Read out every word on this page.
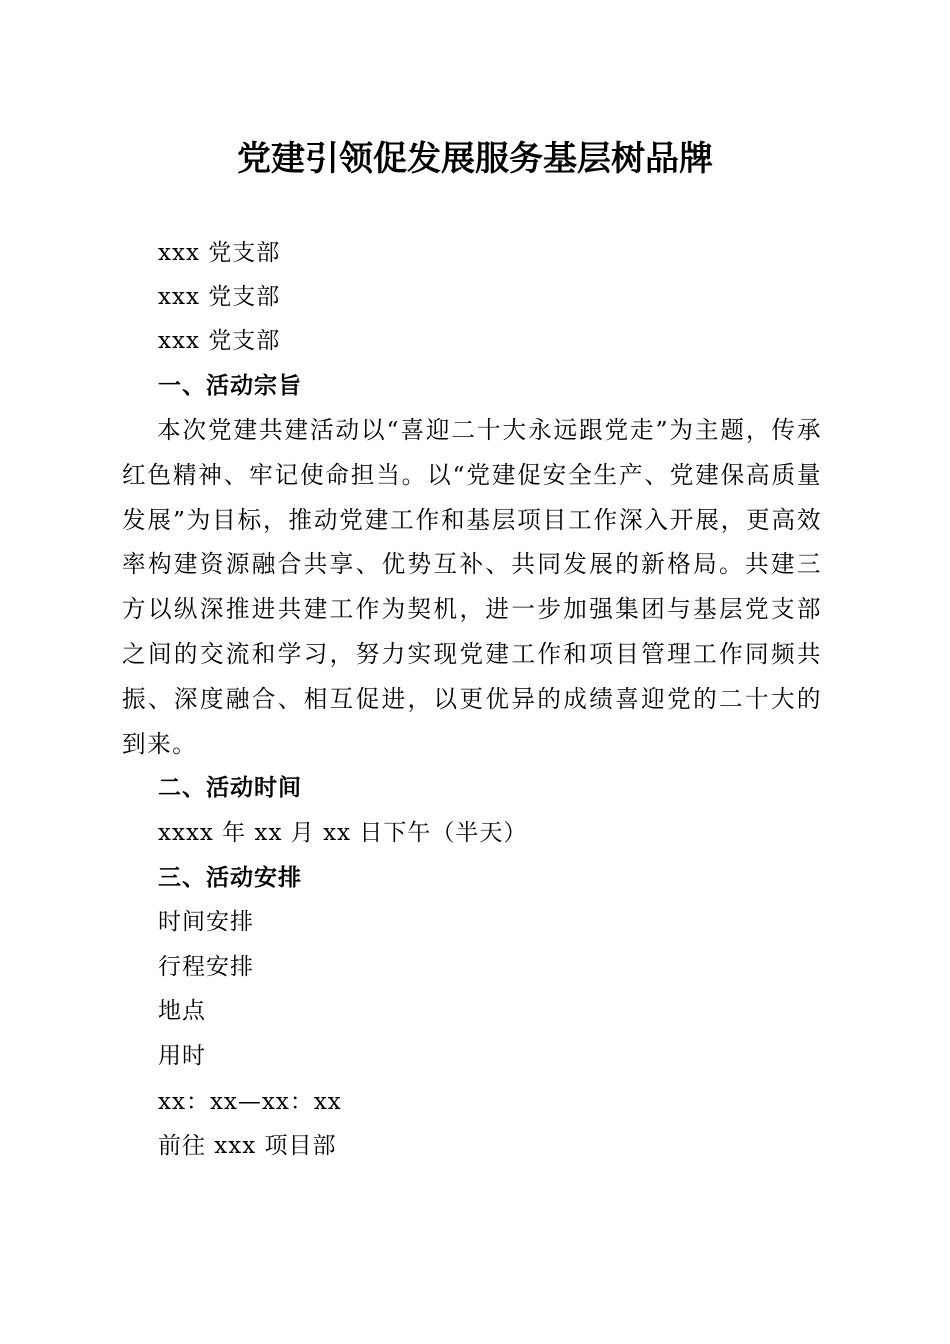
党建引领促发展服务基层树品牌
xxx 党支部
xxx 党支部
xxx 党支部
一、活动宗旨
本次党建共建活动以“喜迎二十大永远跟党走”为主题，传承红色精神、牢记使命担当。以“党建促安全生产、党建保高质量发展”为目标，推动党建工作和基层项目工作深入开展，更高效率构建资源融合共享、优势互补、共同发展的新格局。共建三方以纵深推进共建工作为契机，进一步加强集团与基层党支部之间的交流和学习，努力实现党建工作和项目管理工作同频共振、深度融合、相互促进，以更优异的成绩喜迎党的二十大的到来。
二、活动时间
xxxx 年 xx 月 xx 日下午（半天）
三、活动安排
时间安排
行程安排
地点
用时
xx：xx—xx：xx
前往 xxx 项目部
